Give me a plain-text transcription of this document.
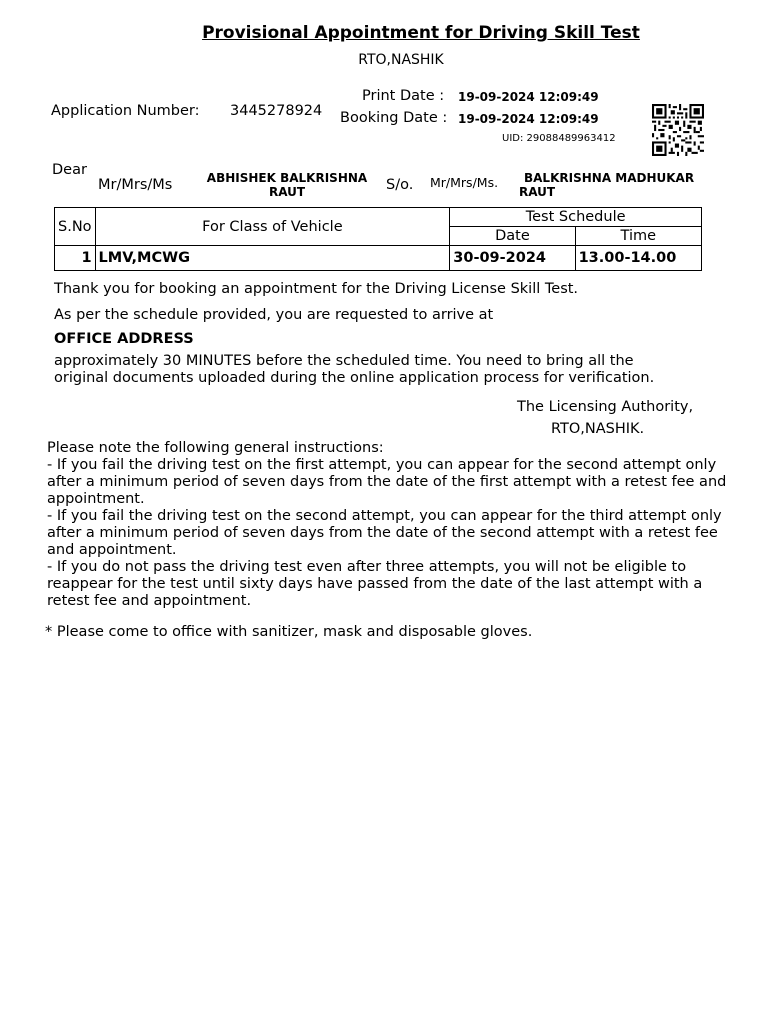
Provisional Appointment for Driving Skill Test
RTO,NASHIK
Application Number: 3445278924
Print Date : 19-09-2024 12:09:49
Booking Date : 19-09-2024 12:09:49
UID: 29088489963412
Dear
Mr/Mrs/Ms	ABHISHEK BALKRISHNA
RAUT	S/o. Mr/Mrs/Ms.	BALKRISHNA MADHUKAR
RAUT
S.No	For Class of Vehicle	Test Schedule	
		Date	Time
1	LMV,MCWG	30-09-2024	13.00-14.00
Thank you for booking an appointment for the Driving License Skill Test.
As per the schedule provided, you are requested to arrive at
OFFICE ADDRESS
approximately 30 MINUTES before the scheduled time. You need to bring all the
original documents uploaded during the online application process for verification.
The Licensing Authority,
RTO,NASHIK.
Please note the following general instructions:
- If you fail the driving test on the first attempt, you can appear for the second attempt only after a minimum period of seven days from the date of the first attempt with a retest fee and appointment.
- If you fail the driving test on the second attempt, you can appear for the third attempt only after a minimum period of seven days from the date of the second attempt with a retest fee and appointment.
- If you do not pass the driving test even after three attempts, you will not be eligible to reappear for the test until sixty days have passed from the date of the last attempt with a retest fee and appointment.
* Please come to office with sanitizer, mask and disposable gloves.
